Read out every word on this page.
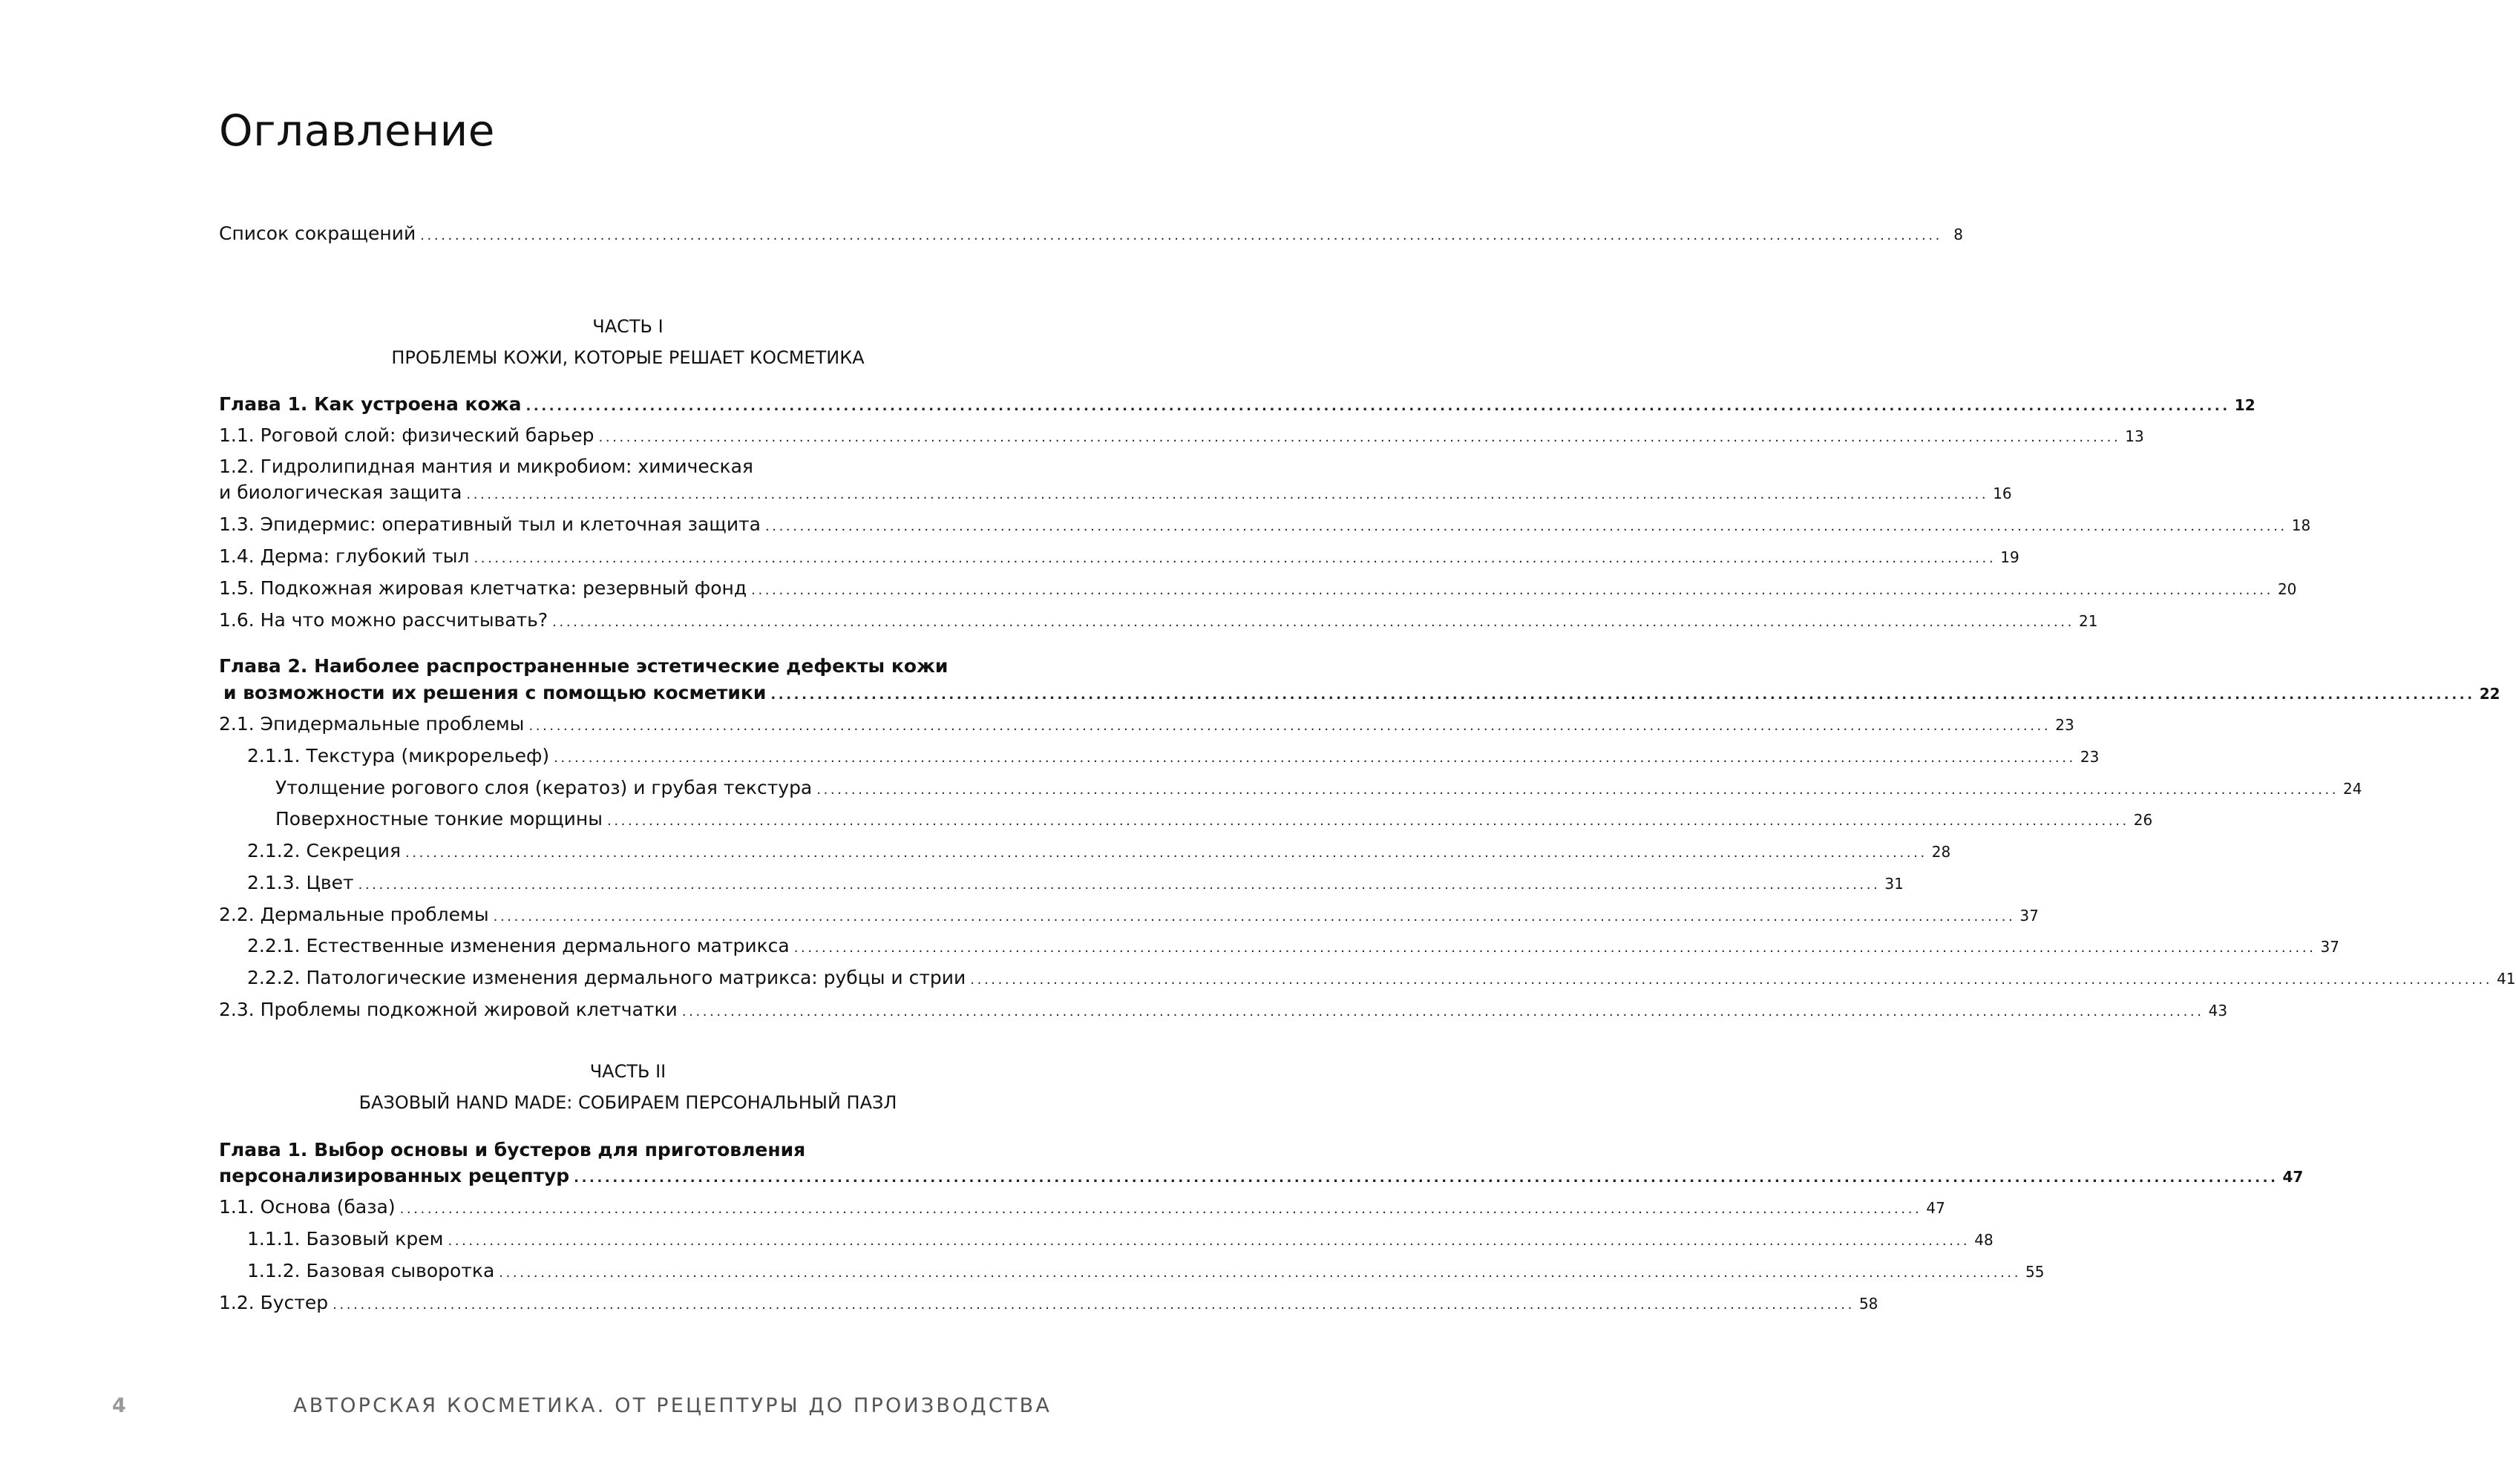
Оглавление
Список сокращений ............................................................................................................................................................................................................................ 8
ЧАСТЬ I
ПРОБЛЕМЫ КОЖИ, КОТОРЫЕ РЕШАЕТ КОСМЕТИКА
Глава 1. Как устроена кожа ............................................................................................................................................................................................................................ 12
1.1. Роговой слой: физический барьер ............................................................................................................................................................................................................................ 13
1.2. Гидролипидная мантия и микробиом: химическая
и биологическая защита ............................................................................................................................................................................................................................ 16
1.3. Эпидермис: оперативный тыл и клеточная защита ............................................................................................................................................................................................................................ 18
1.4. Дерма: глубокий тыл ............................................................................................................................................................................................................................ 19
1.5. Подкожная жировая клетчатка: резервный фонд ............................................................................................................................................................................................................................ 20
1.6. На что можно рассчитывать? ............................................................................................................................................................................................................................ 21
Глава 2. Наиболее распространенные эстетические дефекты кожи
и возможности их решения с помощью косметики ............................................................................................................................................................................................................................ 22
2.1. Эпидермальные проблемы ............................................................................................................................................................................................................................ 23
2.1.1. Текстура (микрорельеф) ............................................................................................................................................................................................................................ 23
Утолщение рогового слоя (кератоз) и грубая текстура ............................................................................................................................................................................................................................ 24
Поверхностные тонкие морщины ............................................................................................................................................................................................................................ 26
2.1.2. Секреция ............................................................................................................................................................................................................................ 28
2.1.3. Цвет ............................................................................................................................................................................................................................ 31
2.2. Дермальные проблемы ............................................................................................................................................................................................................................ 37
2.2.1. Естественные изменения дермального матрикса ............................................................................................................................................................................................................................ 37
2.2.2. Патологические изменения дермального матрикса: рубцы и стрии ............................................................................................................................................................................................................................ 41
2.3. Проблемы подкожной жировой клетчатки ............................................................................................................................................................................................................................ 43
ЧАСТЬ II
БАЗОВЫЙ HAND MADE: СОБИРАЕМ ПЕРСОНАЛЬНЫЙ ПАЗЛ
Глава 1. Выбор основы и бустеров для приготовления
персонализированных рецептур ............................................................................................................................................................................................................................ 47
1.1. Основа (база) ............................................................................................................................................................................................................................ 47
1.1.1. Базовый крем ............................................................................................................................................................................................................................ 48
1.1.2. Базовая сыворотка ............................................................................................................................................................................................................................ 55
1.2. Бустер ............................................................................................................................................................................................................................ 58
4	АВТОРСКАЯ КОСМЕТИКА. ОТ РЕЦЕПТУРЫ ДО ПРОИЗВОДСТВА
